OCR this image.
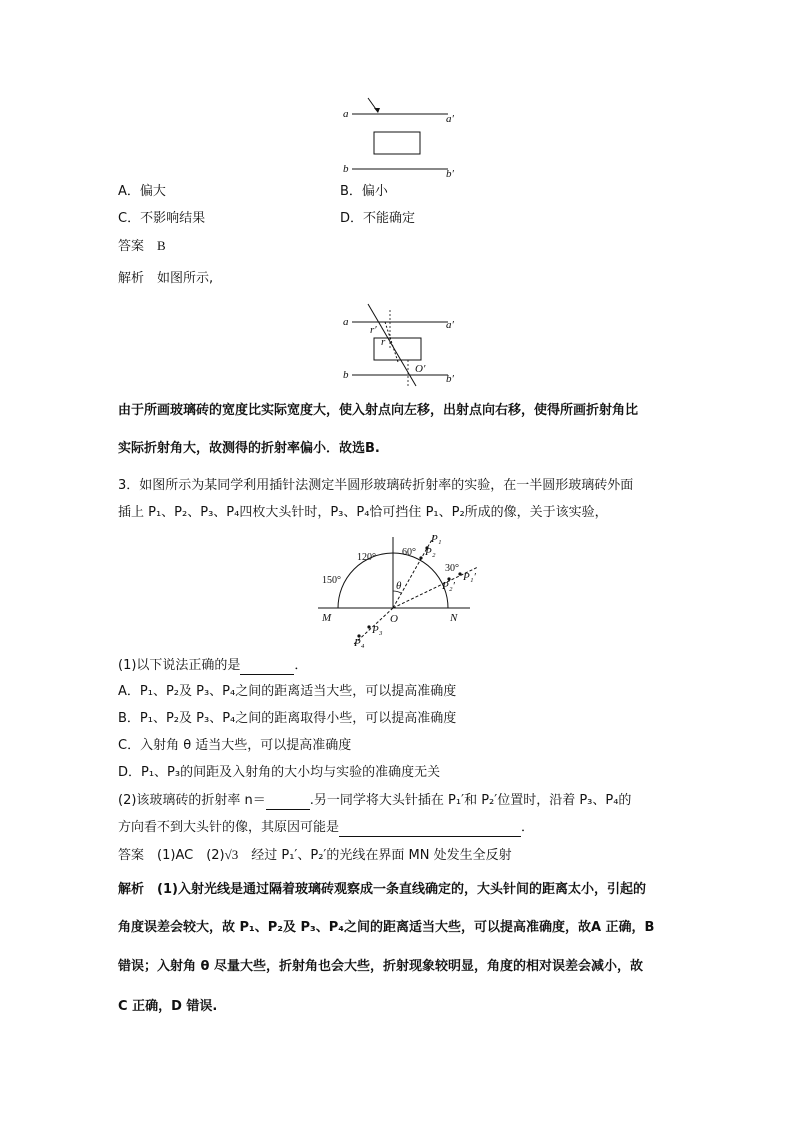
a	a′
b	b′
A．偏大	B．偏小
C．不影响结果	D．不能确定
答案　 B
解析　 如图所示,
a	a′
b	b′
r′
r
O′
由于所画玻璃砖的宽度比实际宽度大，使入射点向左移，出射点向右移，使得所画折射角比
实际折射角大，故测得的折射率偏小．故选B.
3．如图所示为某同学利用插针法测定半圆形玻璃砖折射率的实验，在一半圆形玻璃砖外面
插上 P₁、P₂、P₃、P₄四枚大头针时，P₃、P₄恰可挡住 P₁、P₂所成的像，关于该实验，
120°
150°
60°
30°
θ
M	O	N
P₁
P₂
P₁′
P₂′
P₃
P₄
(1)以下说法正确的是	．
A．P₁、P₂及 P₃、P₄之间的距离适当大些，可以提高准确度
B．P₁、P₂及 P₃、P₄之间的距离取得小些，可以提高准确度
C．入射角 θ 适当大些，可以提高准确度
D．P₁、P₃的间距及入射角的大小均与实验的准确度无关
(2)该玻璃砖的折射率 n＝	.另一同学将大头针插在 P₁′和 P₂′位置时，沿着 P₃、P₄的
方向看不到大头针的像，其原因可能是	．
答案　 (1)AC　(2)√3　经过 P₁′、P₂′的光线在界面 MN 处发生全反射
解析　 (1)入射光线是通过隔着玻璃砖观察成一条直线确定的，大头针间的距离太小，引起的
角度误差会较大，故 P₁、P₂及 P₃、P₄之间的距离适当大些，可以提高准确度，故A 正确，B
错误；入射角 θ 尽量大些，折射角也会大些，折射现象较明显，角度的相对误差会减小，故
C 正确，D 错误.
